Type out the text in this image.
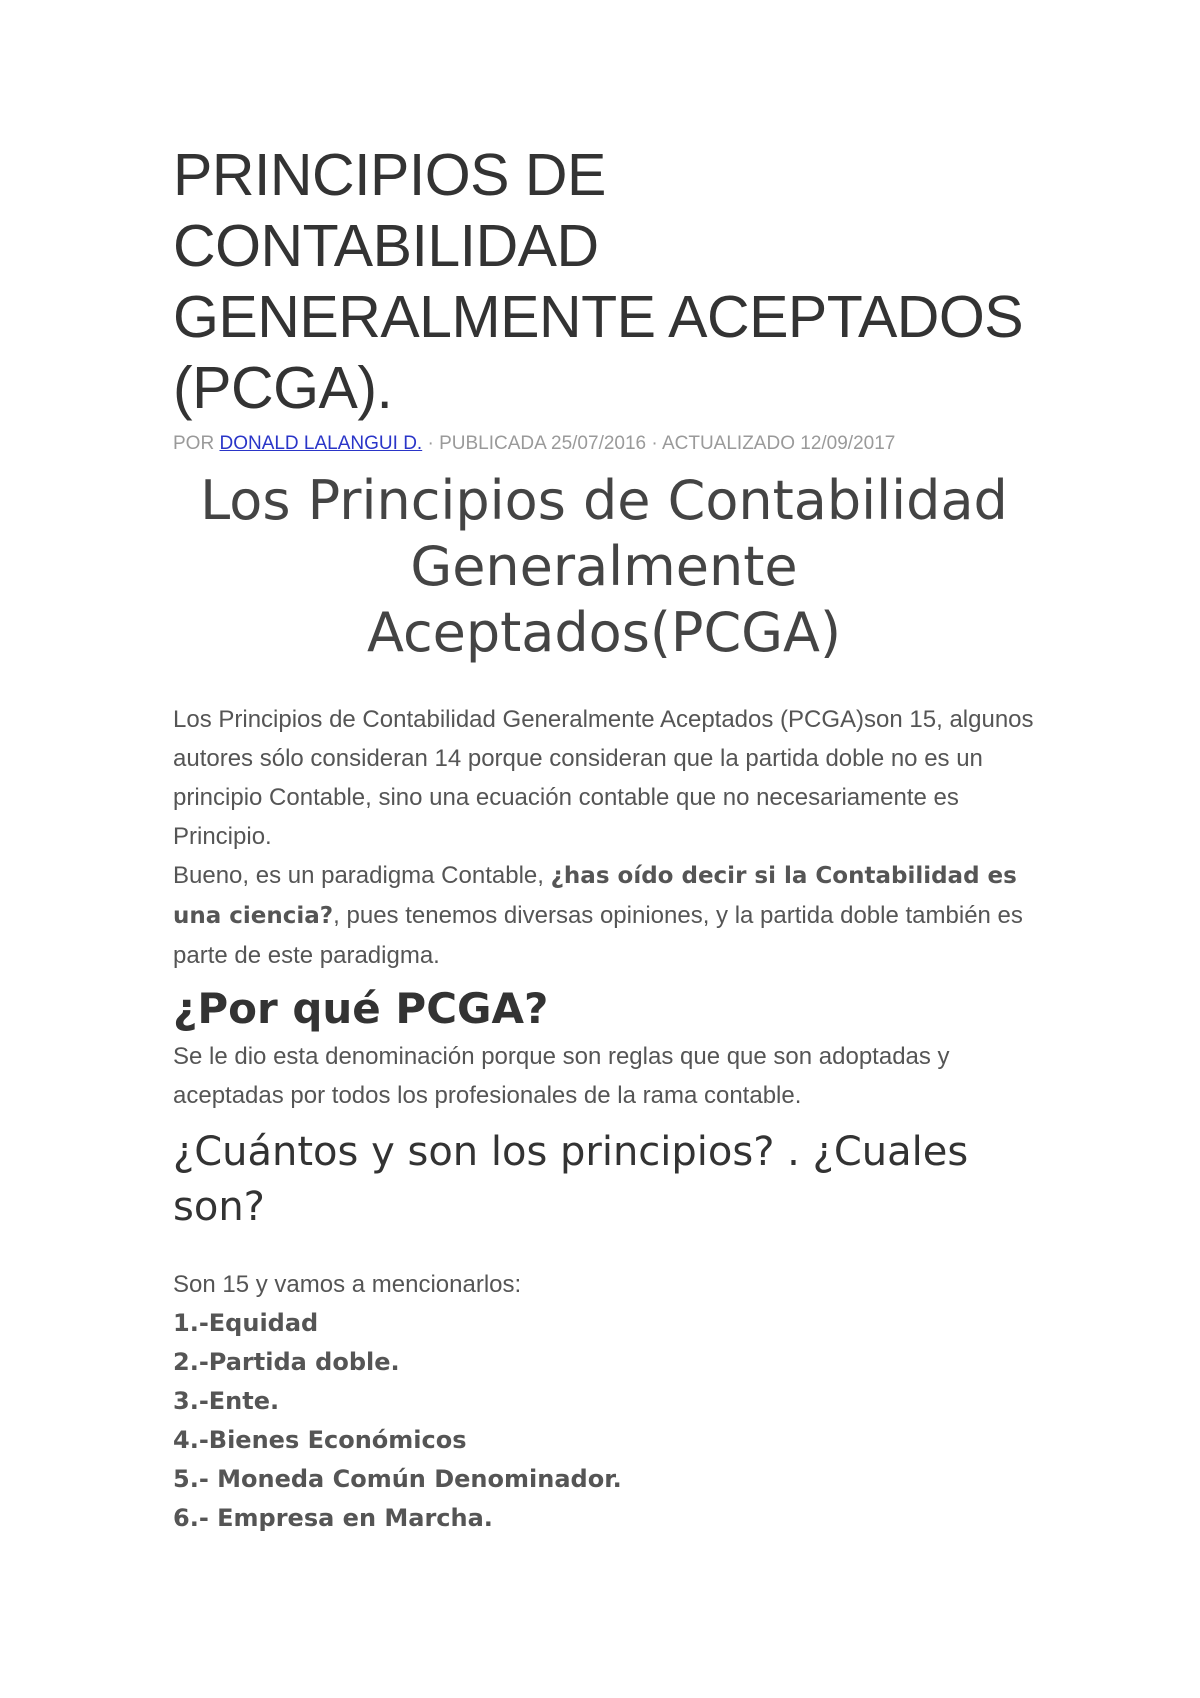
PRINCIPIOS DE CONTABILIDAD GENERALMENTE ACEPTADOS (PCGA).
POR DONALD LALANGUI D. · PUBLICADA 25/07/2016 · ACTUALIZADO 12/09/2017
Los Principios de Contabilidad Generalmente Aceptados(PCGA)

Los Principios de Contabilidad Generalmente Aceptados (PCGA)son 15, algunos autores sólo consideran 14 porque consideran que la partida doble no es un principio Contable, sino una ecuación contable que no necesariamente es Principio.

Bueno, es un paradigma Contable, ¿has oído decir si la Contabilidad es una ciencia?, pues tenemos diversas opiniones, y la partida doble también es parte de este paradigma.

¿Por qué PCGA?

Se le dio esta denominación porque son reglas que que son adoptadas y aceptadas por todos los profesionales de la rama contable.

¿Cuántos y son los principios? . ¿Cuales son?

Son 15 y vamos a mencionarlos:

1.-Equidad
2.-Partida doble.
3.-Ente.
4.-Bienes Económicos
5.- Moneda Común Denominador.
6.- Empresa en Marcha.
